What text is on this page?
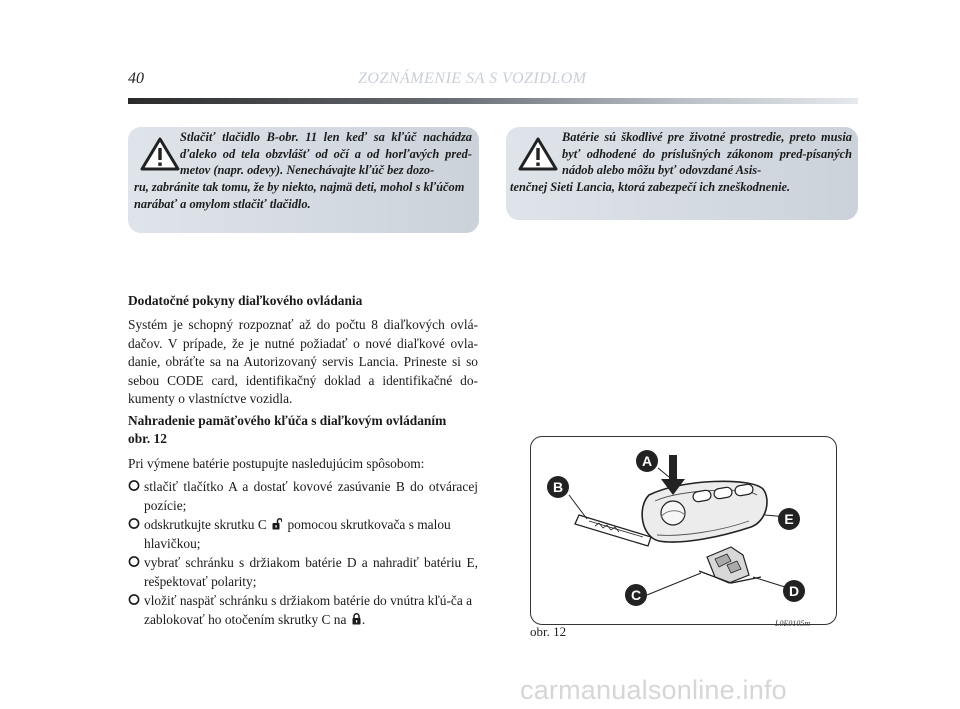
40	ZOZNÁMENIE SA S VOZIDLOM
Stlačiť tlačidlo B-obr. 11 len keď sa kľúč nachádza ďaleko od tela obzvlášť od očí a od horľavých pred-metov (napr. odevy). Nenechávajte kľúč bez dozo-
ru, zabránite tak tomu, že by niekto, najmä deti, mohol s kľúčom narábať a omylom stlačiť tlačidlo.
Batérie sú škodlivé pre životné prostredie, preto musia byť odhodené do príslušných zákonom pred-písaných nádob alebo môžu byť odovzdané Asis-
tenčnej Sieti Lancia, ktorá zabezpečí ich zneškodnenie.
Dodatočné pokyny diaľkového ovládania
Systém je schopný rozpoznať až do počtu 8 diaľkových ovlá-dačov. V prípade, že je nutné požiadať o nové diaľkové ovla-danie, obráťte sa na Autorizovaný servis Lancia. Prineste si so sebou CODE card, identifikačný doklad a identifikačné do-kumenty o vlastníctve vozidla.
Nahradenie pamäťového kľúča s diaľkovým ovládaním
obr. 12
Pri výmene batérie postupujte nasledujúcim spôsobom:
stlačiť tlačítko A a dostať kovové zasúvanie B do otváracej pozície;
odskrutkujte skrutku C pomocou skrutkovača s malou hlavičkou;
vybrať schránku s držiakom batérie D a nahradiť batériu E, rešpektovať polarity;
vložiť naspäť schránku s držiakom batérie do vnútra kľú-ča a zablokovať ho otočením skrutky C na .
A
B
E
C	D
obr. 12
L0E0105m
carmanualsonline.info
